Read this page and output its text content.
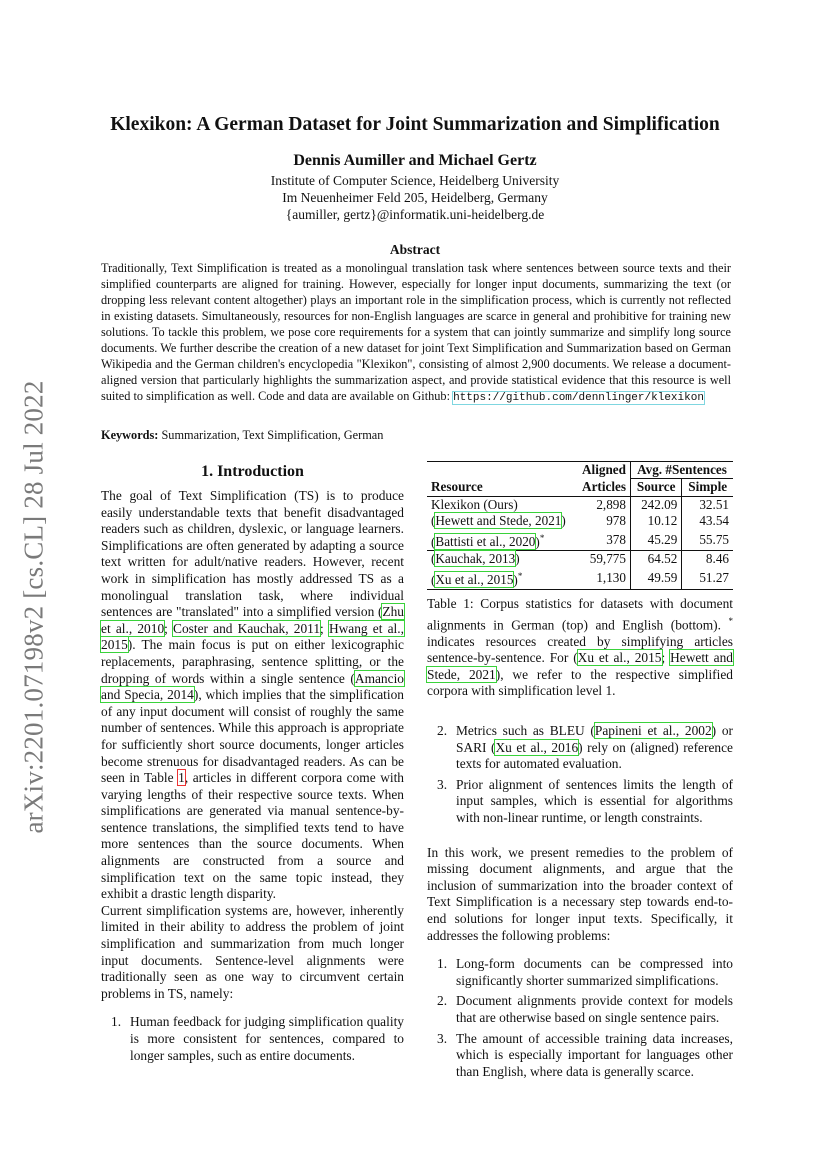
arXiv:2201.07198v2 [cs.CL] 28 Jul 2022
Klexikon: A German Dataset for Joint Summarization and Simplification
Dennis Aumiller and Michael Gertz
Institute of Computer Science, Heidelberg University
Im Neuenheimer Feld 205, Heidelberg, Germany
{aumiller, gertz}@informatik.uni-heidelberg.de
Abstract
Traditionally, Text Simplification is treated as a monolingual translation task where sentences between source texts and their simplified counterparts are aligned for training. However, especially for longer input documents, summarizing the text (or dropping less relevant content altogether) plays an important role in the simplification process, which is currently not reflected in existing datasets. Simultaneously, resources for non-English languages are scarce in general and prohibitive for training new solutions. To tackle this problem, we pose core requirements for a system that can jointly summarize and simplify long source documents. We further describe the creation of a new dataset for joint Text Simplification and Summarization based on German Wikipedia and the German children's encyclopedia "Klexikon", consisting of almost 2,900 documents. We release a document-aligned version that particularly highlights the summarization aspect, and provide statistical evidence that this resource is well suited to simplification as well. Code and data are available on Github: https://github.com/dennlinger/klexikon
Keywords: Summarization, Text Simplification, German
1. Introduction

The goal of Text Simplification (TS) is to produce easily understandable texts that benefit disadvantaged readers such as children, dyslexic, or language learners. Simplifications are often generated by adapting a source text written for adult/native readers. However, recent work in simplification has mostly addressed TS as a monolingual translation task, where individual sentences are "translated" into a simplified version (Zhu et al., 2010; Coster and Kauchak, 2011; Hwang et al., 2015). The main focus is put on either lexicographic replacements, paraphrasing, sentence splitting, or the dropping of words within a single sentence (Amancio and Specia, 2014), which implies that the simplification of any input document will consist of roughly the same number of sentences. While this approach is appropriate for sufficiently short source documents, longer articles become strenuous for disadvantaged readers. As can be seen in Table 1, articles in different corpora come with varying lengths of their respective source texts. When simplifications are generated via manual sentence-by-sentence translations, the simplified texts tend to have more sentences than the source documents. When alignments are constructed from a source and simplification text on the same topic instead, they exhibit a drastic length disparity.

Current simplification systems are, however, inherently limited in their ability to address the problem of joint simplification and summarization from much longer input documents. Sentence-level alignments were traditionally seen as one way to circumvent certain problems in TS, namely:

1. Human feedback for judging simplification quality is more consistent for sentences, compared to longer samples, such as entire documents.
	Aligned	Avg. #Sentences	
Resource	Articles	Source	Simple
Klexikon (Ours)	2,898	242.09	32.51
(Hewett and Stede, 2021)	978	10.12	43.54
(Battisti et al., 2020)*	378	45.29	55.75
(Kauchak, 2013)	59,775	64.52	8.46
(Xu et al., 2015)*	1,130	49.59	51.27
Table 1: Corpus statistics for datasets with document alignments in German (top) and English (bottom). * indicates resources created by simplifying articles sentence-by-sentence. For (Xu et al., 2015; Hewett and Stede, 2021), we refer to the respective simplified corpora with simplification level 1.
2. Metrics such as BLEU (Papineni et al., 2002) or SARI (Xu et al., 2016) rely on (aligned) reference texts for automated evaluation.
3. Prior alignment of sentences limits the length of input samples, which is essential for algorithms with non-linear runtime, or length constraints.

In this work, we present remedies to the problem of missing document alignments, and argue that the inclusion of summarization into the broader context of Text Simplification is a necessary step towards end-to-end solutions for longer input texts. Specifically, it addresses the following problems:

1. Long-form documents can be compressed into significantly shorter summarized simplifications.
2. Document alignments provide context for models that are otherwise based on single sentence pairs.
3. The amount of accessible training data increases, which is especially important for languages other than English, where data is generally scarce.
